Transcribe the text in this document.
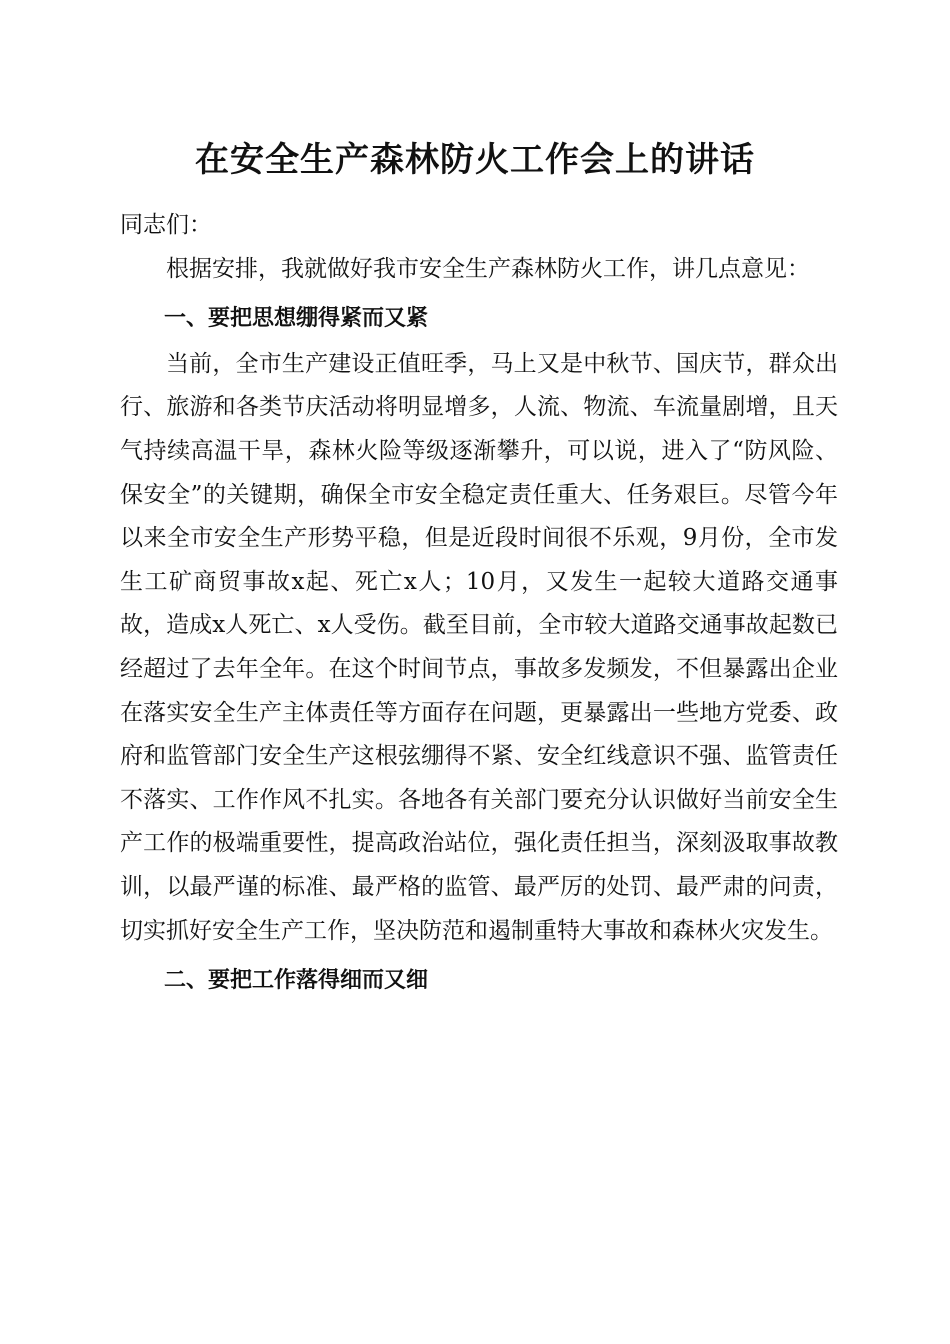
在安全生产森林防火工作会上的讲话

同志们：

根据安排，我就做好我市安全生产森林防火工作，讲几点意见：

一、要把思想绷得紧而又紧

当前，全市生产建设正值旺季，马上又是中秋节、国庆节，群众出行、旅游和各类节庆活动将明显增多，人流、物流、车流量剧增，且天气持续高温干旱，森林火险等级逐渐攀升，可以说，进入了“防风险、保安全”的关键期，确保全市安全稳定责任重大、任务艰巨。尽管今年以来全市安全生产形势平稳，但是近段时间很不乐观，9月份，全市发生工矿商贸事故x起、死亡x人；10月，又发生一起较大道路交通事故，造成x人死亡、x人受伤。截至目前，全市较大道路交通事故起数已经超过了去年全年。在这个时间节点，事故多发频发，不但暴露出企业在落实安全生产主体责任等方面存在问题，更暴露出一些地方党委、政府和监管部门安全生产这根弦绷得不紧、安全红线意识不强、监管责任不落实、工作作风不扎实。各地各有关部门要充分认识做好当前安全生产工作的极端重要性，提高政治站位，强化责任担当，深刻汲取事故教训，以最严谨的标准、最严格的监管、最严厉的处罚、最严肃的问责，切实抓好安全生产工作，坚决防范和遏制重特大事故和森林火灾发生。

二、要把工作落得细而又细
